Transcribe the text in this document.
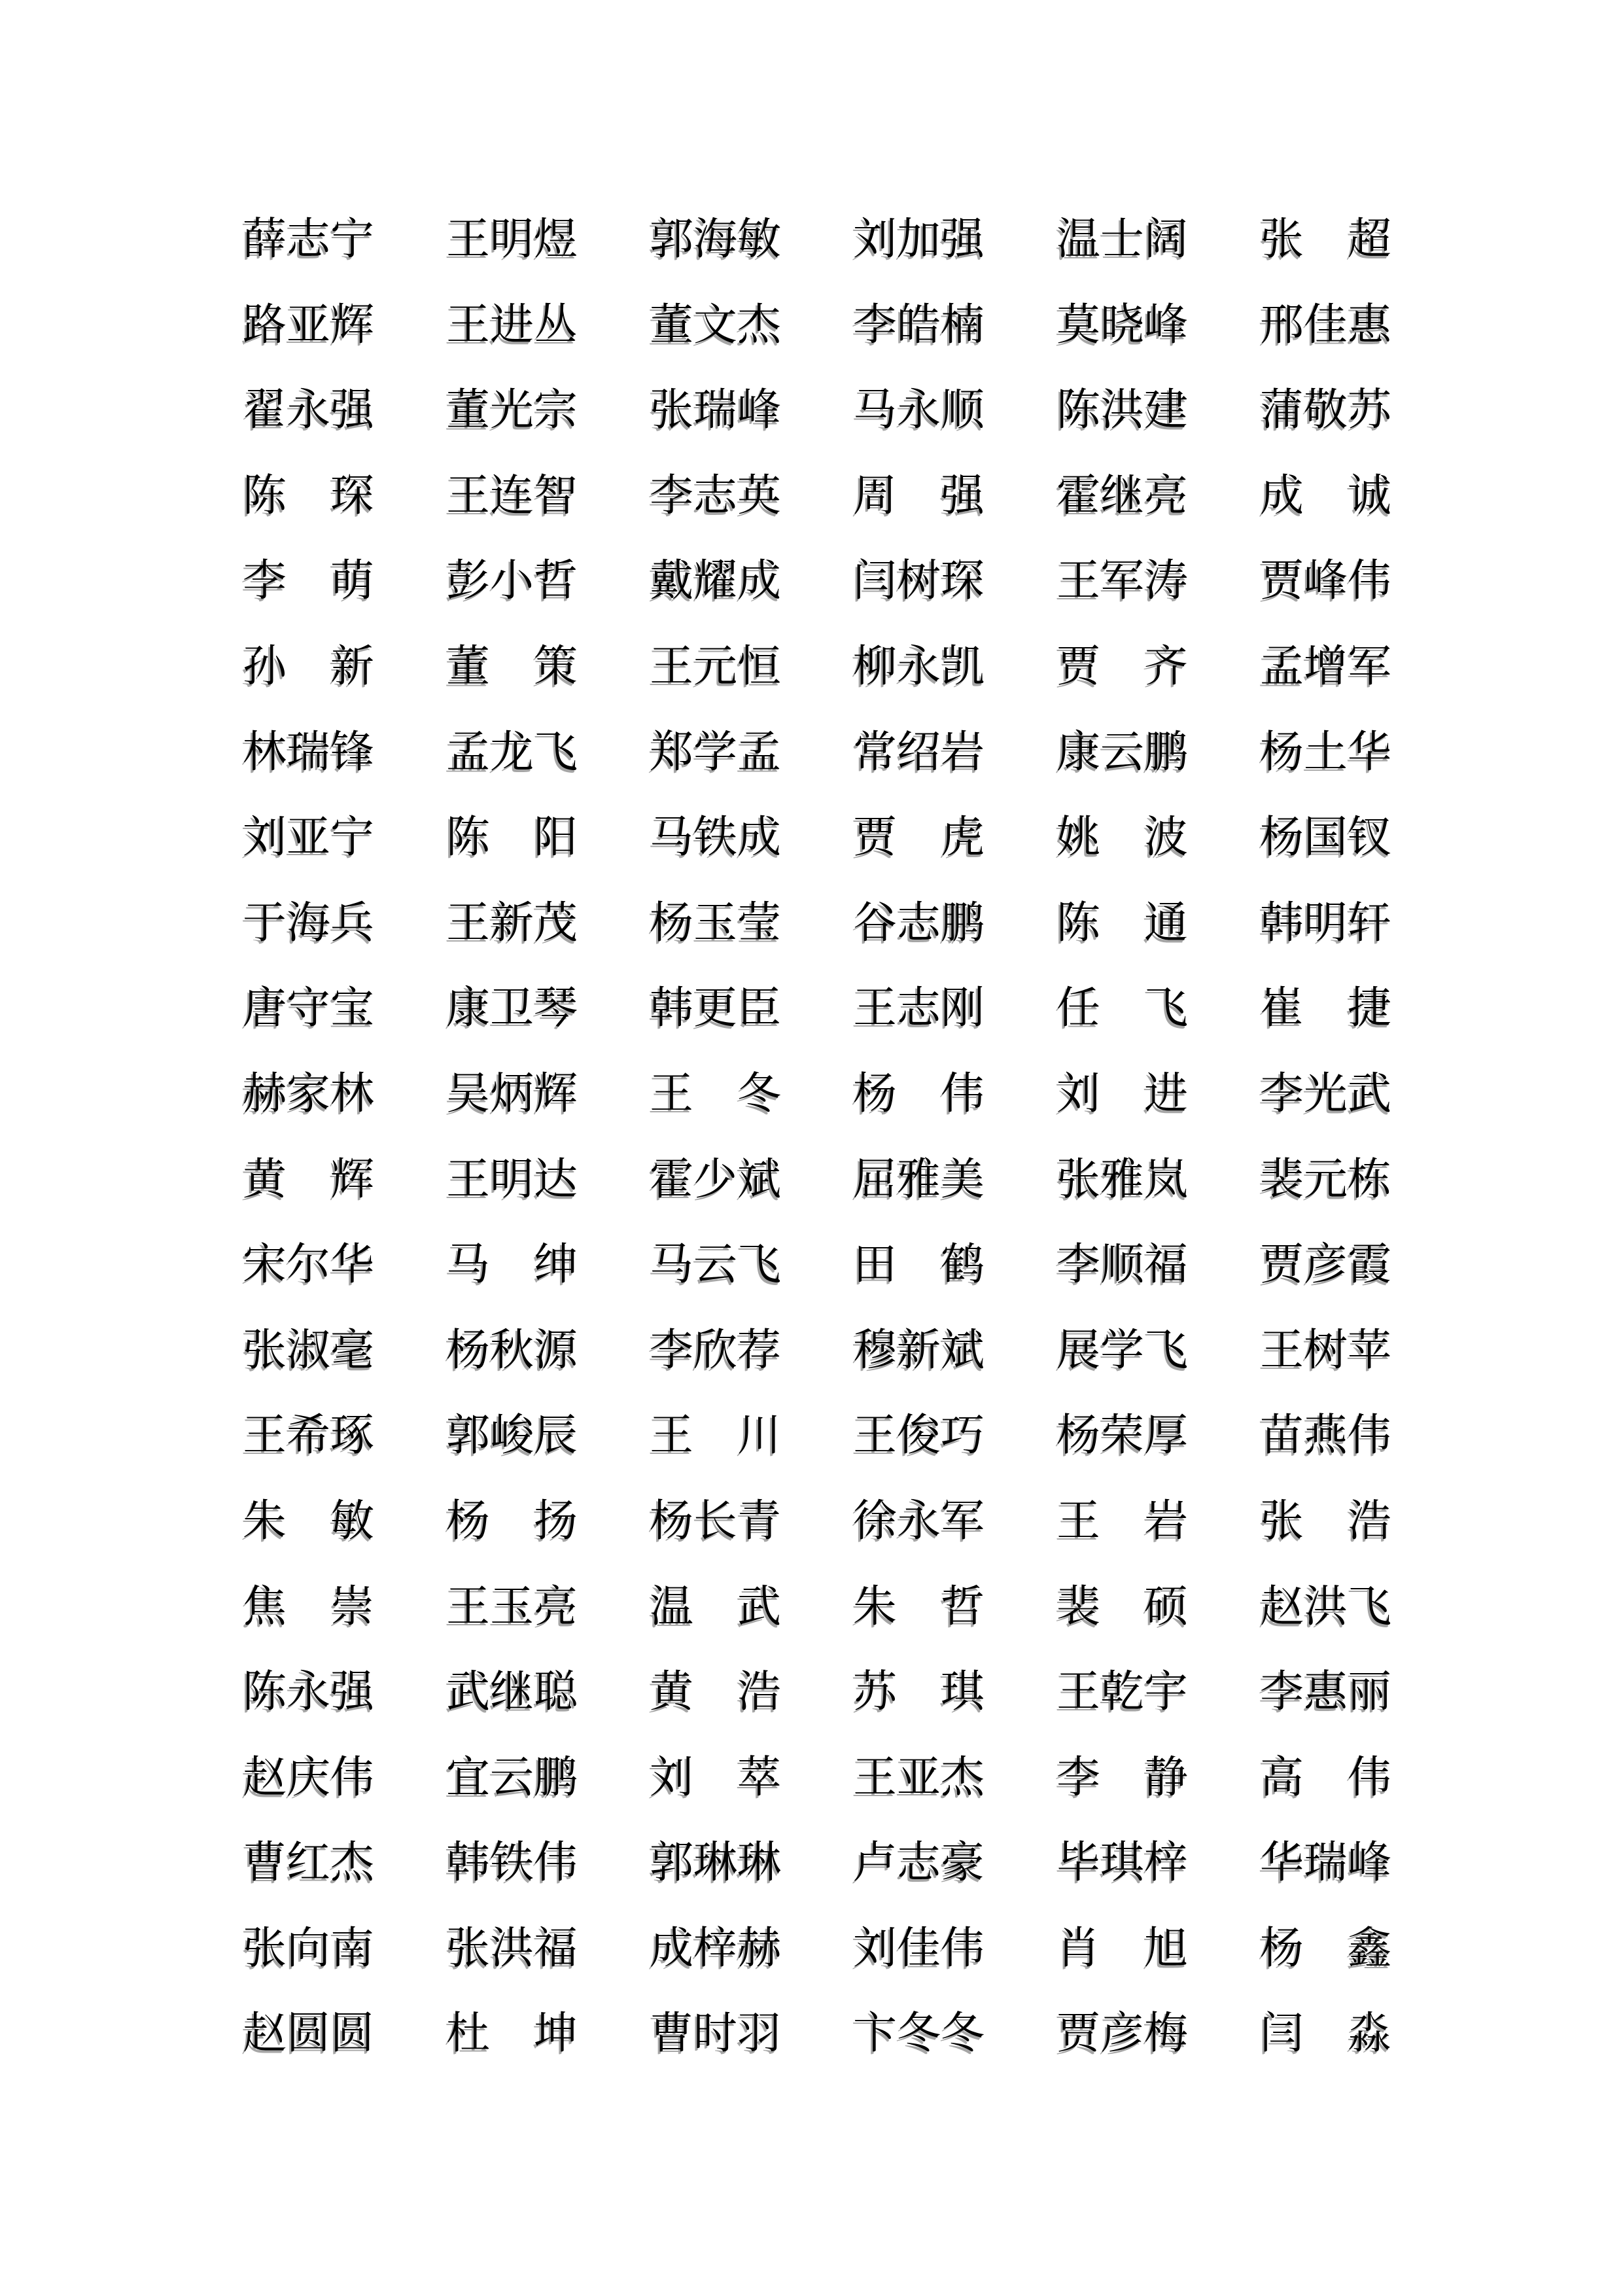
薛志宁 王明煜 郭海敏 刘加强 温士阔 张超
路亚辉 王进丛 董文杰 李皓楠 莫晓峰 邢佳惠
翟永强 董光宗 张瑞峰 马永顺 陈洪建 蒲敬苏
陈琛 王连智 李志英 周强 霍继亮 成诚
李萌 彭小哲 戴耀成 闫树琛 王军涛 贾峰伟
孙新 董策 王元恒 柳永凯 贾齐 孟增军
林瑞锋 孟龙飞 郑学孟 常绍岩 康云鹏 杨土华
刘亚宁 陈阳 马铁成 贾虎 姚波 杨国钗
于海兵 王新茂 杨玉莹 谷志鹏 陈通 韩明轩
唐守宝 康卫琴 韩更臣 王志刚 任飞 崔捷
赫家林 吴炳辉 王冬 杨伟 刘进 李光武
黄辉 王明达 霍少斌 屈雅美 张雅岚 裴元栋
宋尔华 马绅 马云飞 田鹤 李顺福 贾彦霞
张淑毫 杨秋源 李欣荐 穆新斌 展学飞 王树苹
王希琢 郭峻辰 王川 王俊巧 杨荣厚 苗燕伟
朱敏 杨扬 杨长青 徐永军 王岩 张浩
焦崇 王玉亮 温武 朱哲 裴硕 赵洪飞
陈永强 武继聪 黄浩 苏琪 王乾宇 李惠丽
赵庆伟 宜云鹏 刘萃 王亚杰 李静 高伟
曹红杰 韩铁伟 郭琳琳 卢志豪 毕琪梓 华瑞峰
张向南 张洪福 成梓赫 刘佳伟 肖旭 杨鑫
赵圆圆 杜坤 曹时羽 卞冬冬 贾彦梅 闫淼
